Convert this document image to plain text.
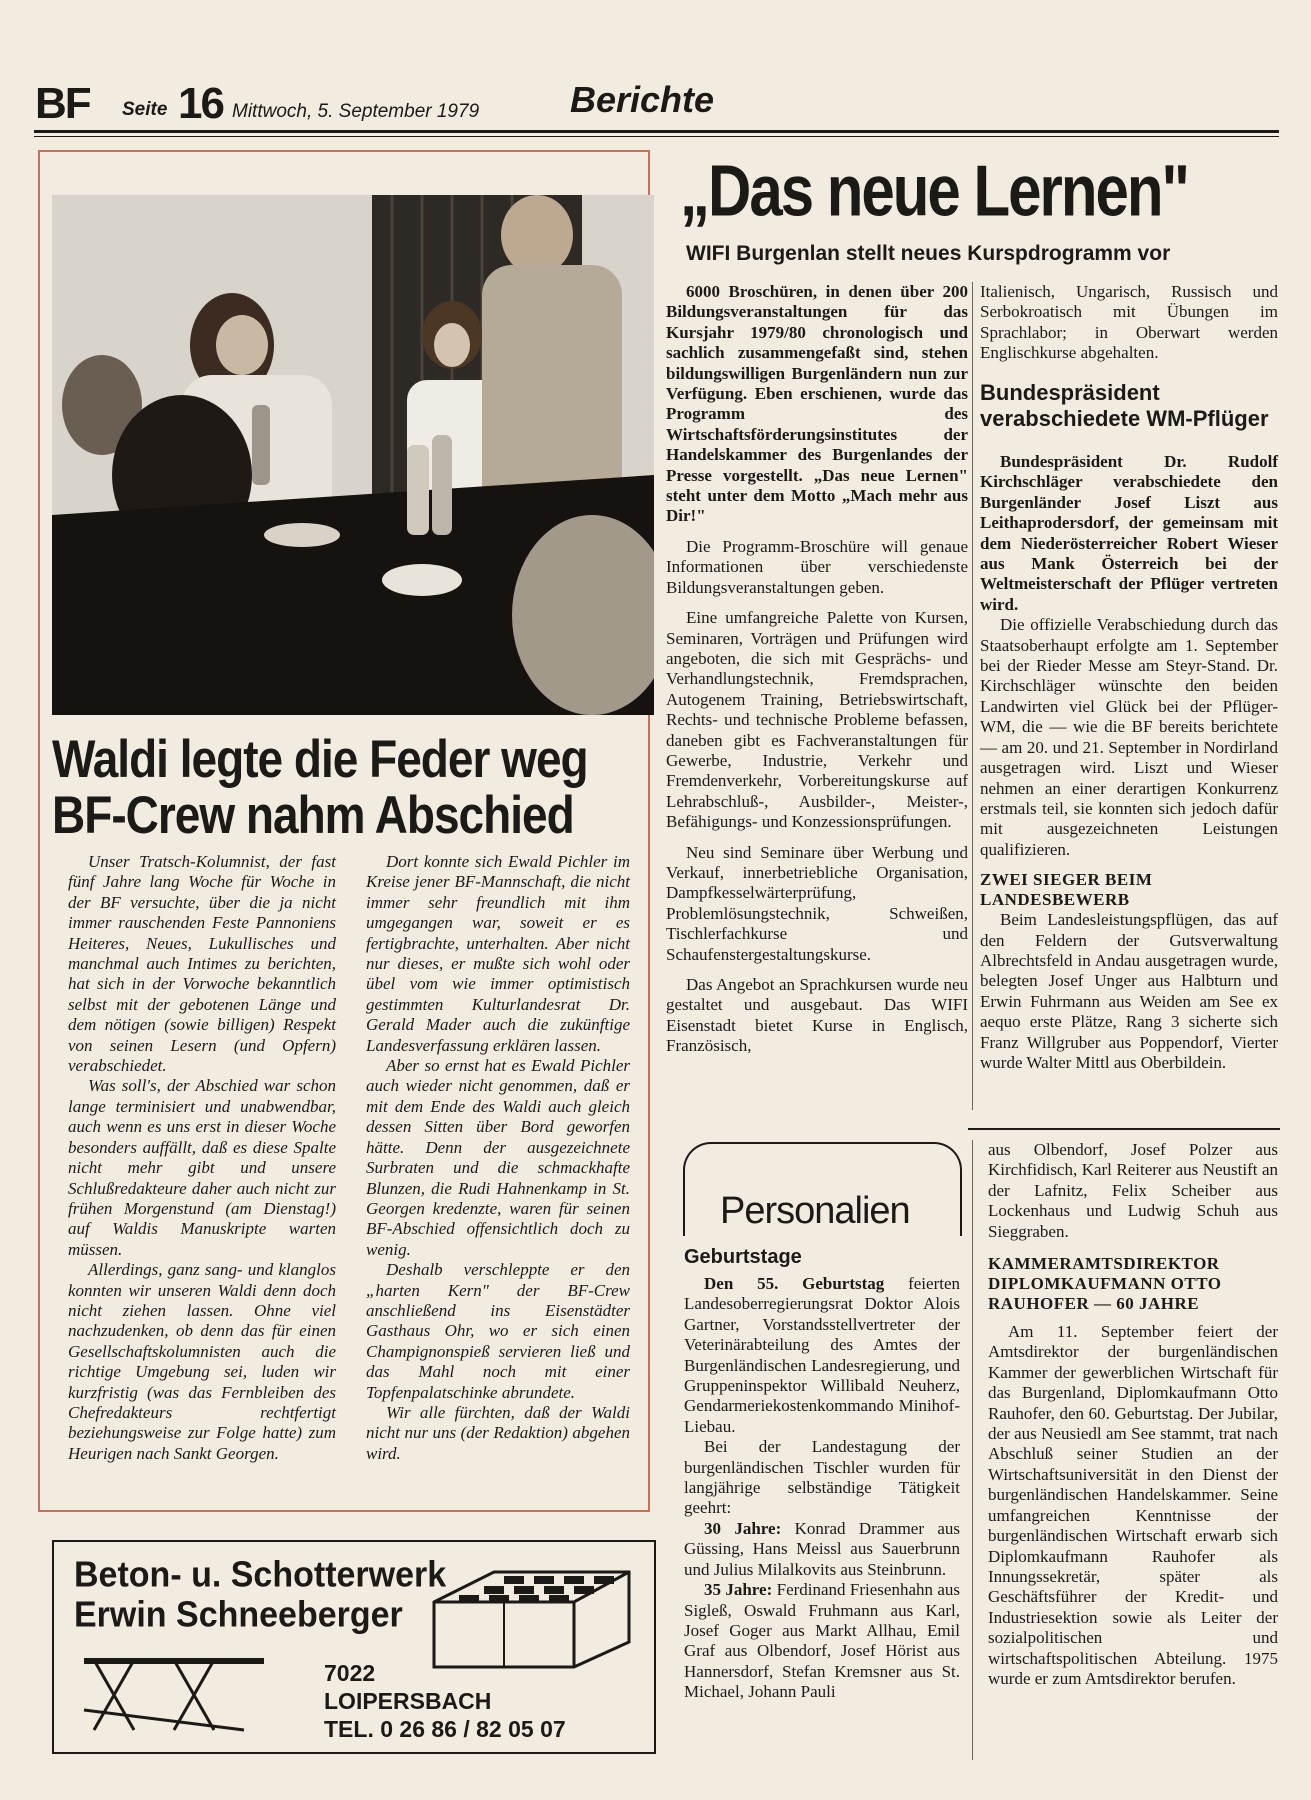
BF Seite 16 Mittwoch, 5. September 1979	Berichte
Waldi legte die Feder weg
BF-Crew nahm Abschied

Unser Tratsch-Kolumnist, der fast fünf Jahre lang Woche für Woche in der BF versuchte, über die ja nicht immer rauschenden Feste Pannoniens Heiteres, Neues, Lukullisches und manchmal auch Intimes zu berichten, hat sich in der Vorwoche bekanntlich selbst mit der gebotenen Länge und dem nötigen (sowie billigen) Respekt von seinen Lesern (und Opfern) verabschiedet.

Was soll's, der Abschied war schon lange terminisiert und unabwendbar, auch wenn es uns erst in dieser Woche besonders auffällt, daß es diese Spalte nicht mehr gibt und unsere Schlußredakteure daher auch nicht zur frühen Morgenstund (am Dienstag!) auf Waldis Manuskripte warten müssen.

Allerdings, ganz sang- und klanglos konnten wir unseren Waldi denn doch nicht ziehen lassen. Ohne viel nachzudenken, ob denn das für einen Gesellschaftskolumnisten auch die richtige Umgebung sei, luden wir kurzfristig (was das Fernbleiben des Chefredakteurs rechtfertigt beziehungsweise zur Folge hatte) zum Heurigen nach Sankt Georgen.

Dort konnte sich Ewald Pichler im Kreise jener BF-Mannschaft, die nicht immer sehr freundlich mit ihm umgegangen war, soweit er es fertigbrachte, unterhalten. Aber nicht nur dieses, er mußte sich wohl oder übel vom wie immer optimistisch gestimmten Kulturlandesrat Dr. Gerald Mader auch die zukünftige Landesverfassung erklären lassen.

Aber so ernst hat es Ewald Pichler auch wieder nicht genommen, daß er mit dem Ende des Waldi auch gleich dessen Sitten über Bord geworfen hätte. Denn der ausgezeichnete Surbraten und die schmackhafte Blunzen, die Rudi Hahnenkamp in St. Georgen kredenzte, waren für seinen BF-Abschied offensichtlich doch zu wenig.

Deshalb verschleppte er den „harten Kern" der BF-Crew anschließend ins Eisenstädter Gasthaus Ohr, wo er sich einen Champignonspieß servieren ließ und das Mahl noch mit einer Topfenpalatschinke abrundete.

Wir alle fürchten, daß der Waldi nicht nur uns (der Redaktion) abgehen wird.

„Das neue Lernen"
WIFI Burgenlan stellt neues Kurspdrogramm vor

6000 Broschüren, in denen über 200 Bildungsveranstaltungen für das Kursjahr 1979/80 chronologisch und sachlich zusammengefaßt sind, stehen bildungswilligen Burgenländern nun zur Verfügung. Eben erschienen, wurde das Programm des Wirtschaftsförderungsinstitutes der Handelskammer des Burgenlandes der Presse vorgestellt. „Das neue Lernen" steht unter dem Motto „Mach mehr aus Dir!"

Die Programm-Broschüre will genaue Informationen über verschiedenste Bildungsveranstaltungen geben.

Eine umfangreiche Palette von Kursen, Seminaren, Vorträgen und Prüfungen wird angeboten, die sich mit Gesprächs- und Verhandlungstechnik, Fremdsprachen, Autogenem Training, Betriebswirtschaft, Rechts- und technische Probleme befassen, daneben gibt es Fachveranstaltungen für Gewerbe, Industrie, Verkehr und Fremdenverkehr, Vorbereitungskurse auf Lehrabschluß-, Ausbilder-, Meister-, Befähigungs- und Konzessionsprüfungen.

Neu sind Seminare über Werbung und Verkauf, innerbetriebliche Organisation, Dampfkesselwärterprüfung, Problemlösungstechnik, Schweißen, Tischlerfachkurse und Schaufenstergestaltungskurse.

Das Angebot an Sprachkursen wurde neu gestaltet und ausgebaut. Das WIFI Eisenstadt bietet Kurse in Englisch, Französisch,

Italienisch, Ungarisch, Russisch und Serbokroatisch mit Übungen im Sprachlabor; in Oberwart werden Englischkurse abgehalten.

Bundespräsident verabschiedete WM-Pflüger

Bundespräsident Dr. Rudolf Kirchschläger verabschiedete den Burgenländer Josef Liszt aus Leithaprodersdorf, der gemeinsam mit dem Niederösterreicher Robert Wieser aus Mank Österreich bei der Weltmeisterschaft der Pflüger vertreten wird.

Die offizielle Verabschiedung durch das Staatsoberhaupt erfolgte am 1. September bei der Rieder Messe am Steyr-Stand. Dr. Kirchschläger wünschte den beiden Landwirten viel Glück bei der Pflüger-WM, die — wie die BF bereits berichtete — am 20. und 21. September in Nordirland ausgetragen wird. Liszt und Wieser nehmen an einer derartigen Konkurrenz erstmals teil, sie konnten sich jedoch dafür mit ausgezeichneten Leistungen qualifizieren.

ZWEI SIEGER BEIM LANDESBEWERB

Beim Landesleistungspflügen, das auf den Feldern der Gutsverwaltung Albrechtsfeld in Andau ausgetragen wurde, belegten Josef Unger aus Halbturn und Erwin Fuhrmann aus Weiden am See ex aequo erste Plätze, Rang 3 sicherte sich Franz Willgruber aus Poppendorf, Vierter wurde Walter Mittl aus Oberbildein.

Personalien
Geburtstage

Den 55. Geburtstag feierten Landesoberregierungsrat Doktor Alois Gartner, Vorstandsstellvertreter der Veterinärabteilung des Amtes der Burgenländischen Landesregierung, und Gruppeninspektor Willibald Neuherz, Gendarmeriekostenkommando Minihof-Liebau.

Bei der Landestagung der burgenländischen Tischler wurden für langjährige selbständige Tätigkeit geehrt:

30 Jahre: Konrad Drammer aus Güssing, Hans Meissl aus Sauerbrunn und Julius Milalkovits aus Steinbrunn.

35 Jahre: Ferdinand Friesenhahn aus Sigleß, Oswald Fruhmann aus Karl, Josef Goger aus Markt Allhau, Emil Graf aus Olbendorf, Josef Hörist aus Hannersdorf, Stefan Kremsner aus St. Michael, Johann Pauli

aus Olbendorf, Josef Polzer aus Kirchfidisch, Karl Reiterer aus Neustift an der Lafnitz, Felix Scheiber aus Lockenhaus und Ludwig Schuh aus Sieggraben.

KAMMERAMTSDIREKTOR DIPLOMKAUFMANN OTTO RAUHOFER — 60 JAHRE

Am 11. September feiert der Amtsdirektor der burgenländischen Kammer der gewerblichen Wirtschaft für das Burgenland, Diplomkaufmann Otto Rauhofer, den 60. Geburtstag. Der Jubilar, der aus Neusiedl am See stammt, trat nach Abschluß seiner Studien an der Wirtschaftsuniversität in den Dienst der burgenländischen Handelskammer. Seine umfangreichen Kenntnisse der burgenländischen Wirtschaft erwarb sich Diplomkaufmann Rauhofer als Innungssekretär, später als Geschäftsführer der Kredit- und Industriesektion sowie als Leiter der sozialpolitischen und wirtschaftspolitischen Abteilung. 1975 wurde er zum Amtsdirektor berufen.

Beton- u. Schotterwerk
Erwin Schneeberger
7022
LOIPERSBACH
TEL. 0 26 86 / 82 05 07
